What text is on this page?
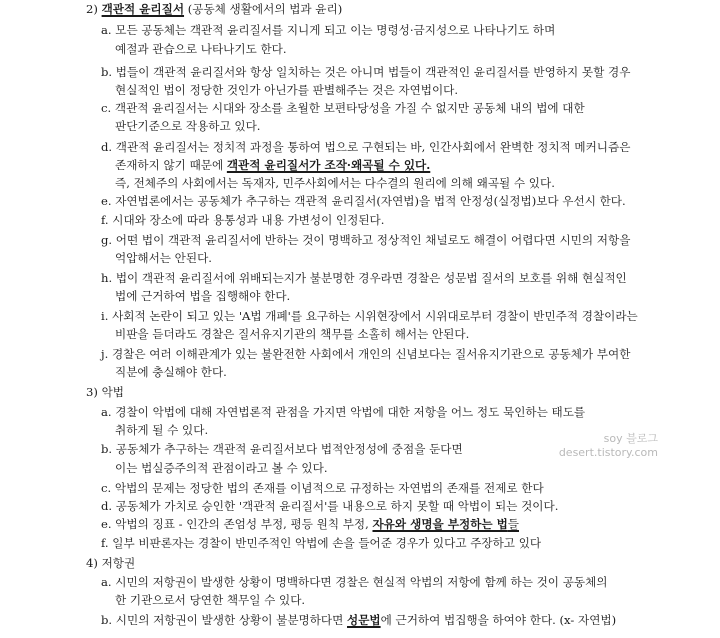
2) 객관적 윤리질서 (공동체 생활에서의 법과 윤리)
a. 모든 공동체는 객관적 윤리질서를 지니게 되고 이는 명령성·금지성으로 나타나기도 하며
예절과 관습으로 나타나기도 한다.
b. 법들이 객관적 윤리질서와 항상 일치하는 것은 아니며 법들이 객관적인 윤리질서를 반영하지 못할 경우
현실적인 법이 정당한 것인가 아닌가를 판별해주는 것은 자연법이다.
c. 객관적 윤리질서는 시대와 장소를 초월한 보편타당성을 가질 수 없지만 공동체 내의 법에 대한
판단기준으로 작용하고 있다.
d. 객관적 윤리질서는 정치적 과정을 통하여 법으로 구현되는 바, 인간사회에서 완벽한 정치적 메커니즘은
존재하지 않기 때문에 객관적 윤리질서가 조작·왜곡될 수 있다.
즉, 전체주의 사회에서는 독재자, 민주사회에서는 다수결의 원리에 의해 왜곡될 수 있다.
e. 자연법론에서는 공동체가 추구하는 객관적 윤리질서(자연법)을 법적 안정성(실정법)보다 우선시 한다.
f. 시대와 장소에 따라 용통성과 내용 가변성이 인정된다.
g. 어떤 법이 객관적 윤리질서에 반하는 것이 명백하고 정상적인 채널로도 해결이 어렵다면 시민의 저항을
억압해서는 안된다.
h. 법이 객관적 윤리질서에 위배되는지가 불분명한 경우라면 경찰은 성문법 질서의 보호를 위해 현실적인
법에 근거하여 법을 집행해야 한다.
i. 사회적 논란이 되고 있는 'A법 개폐'를 요구하는 시위현장에서 시위대로부터 경찰이 반민주적 경찰이라는
비판을 듣더라도 경찰은 질서유지기관의 책무를 소홀히 해서는 안된다.
j. 경찰은 여러 이해관계가 있는 불완전한 사회에서 개인의 신념보다는 질서유지기관으로 공동체가 부여한
직분에 충실해야 한다.
3) 악법
a. 경찰이 악법에 대해 자연법론적 관점을 가지면 악법에 대한 저항을 어느 정도 묵인하는 태도를
취하게 될 수 있다.
b. 공동체가 추구하는 객관적 윤리질서보다 법적안정성에 중점을 둔다면
이는 법실증주의적 관점이라고 볼 수 있다.
c. 악법의 문제는 정당한 법의 존재를 이념적으로 규정하는 자연법의 존재를 전제로 한다
d. 공동체가 가치로 승인한 '객관적 윤리질서'를 내용으로 하지 못할 때 악법이 되는 것이다.
e. 악법의 징표 - 인간의 존엄성 부정, 평등 원칙 부정, 자유와 생명을 부정하는 법들
f. 일부 비판론자는 경찰이 반민주적인 악법에 손을 들어준 경우가 있다고 주장하고 있다
4) 저항권
a. 시민의 저항권이 발생한 상황이 명백하다면 경찰은 현실적 악법의 저항에 함께 하는 것이 공동체의
한 기관으로서 당연한 책무일 수 있다.
b. 시민의 저항권이 발생한 상황이 불분명하다면 성문법에 근거하여 법집행을 하여야 한다. (x- 자연법)
soy 블로그
desert.tistory.com
